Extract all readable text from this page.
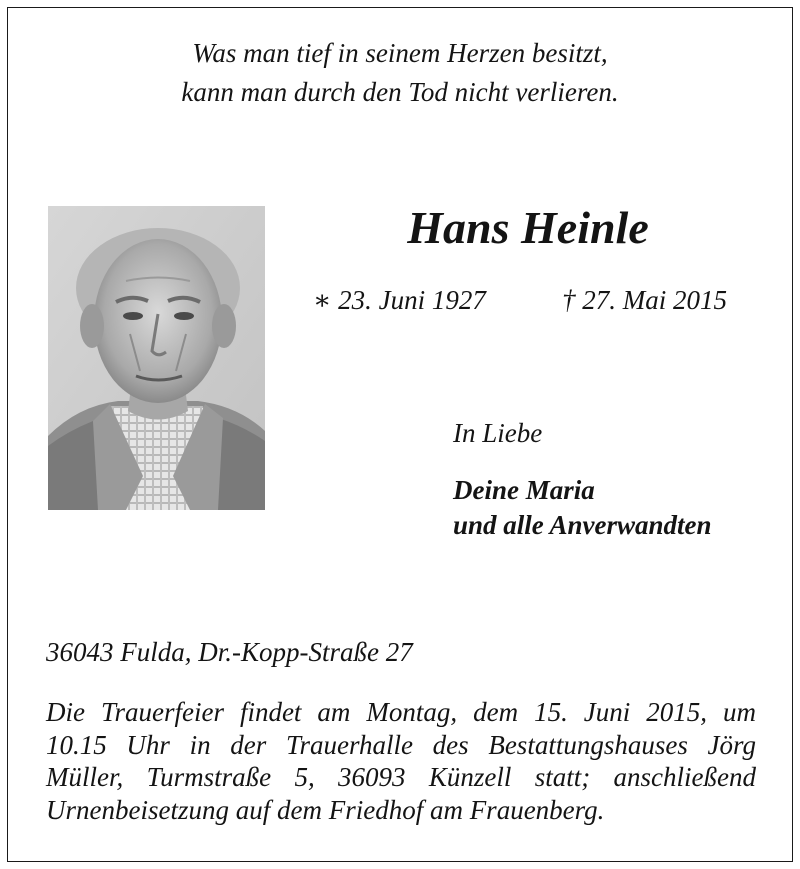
Was man tief in seinem Herzen besitzt,
kann man durch den Tod nicht verlieren.
Hans Heinle
∗ 23. Juni 1927	† 27. Mai 2015
In Liebe
Deine Maria
und alle Anverwandten
36043 Fulda, Dr.-Kopp-Straße 27
Die Trauerfeier findet am Montag, dem 15. Juni 2015, um
10.15 Uhr in der Trauerhalle des Bestattungshauses Jörg
Müller, Turmstraße 5, 36093 Künzell statt; anschließend
Urnenbeisetzung auf dem Friedhof am Frauenberg.
